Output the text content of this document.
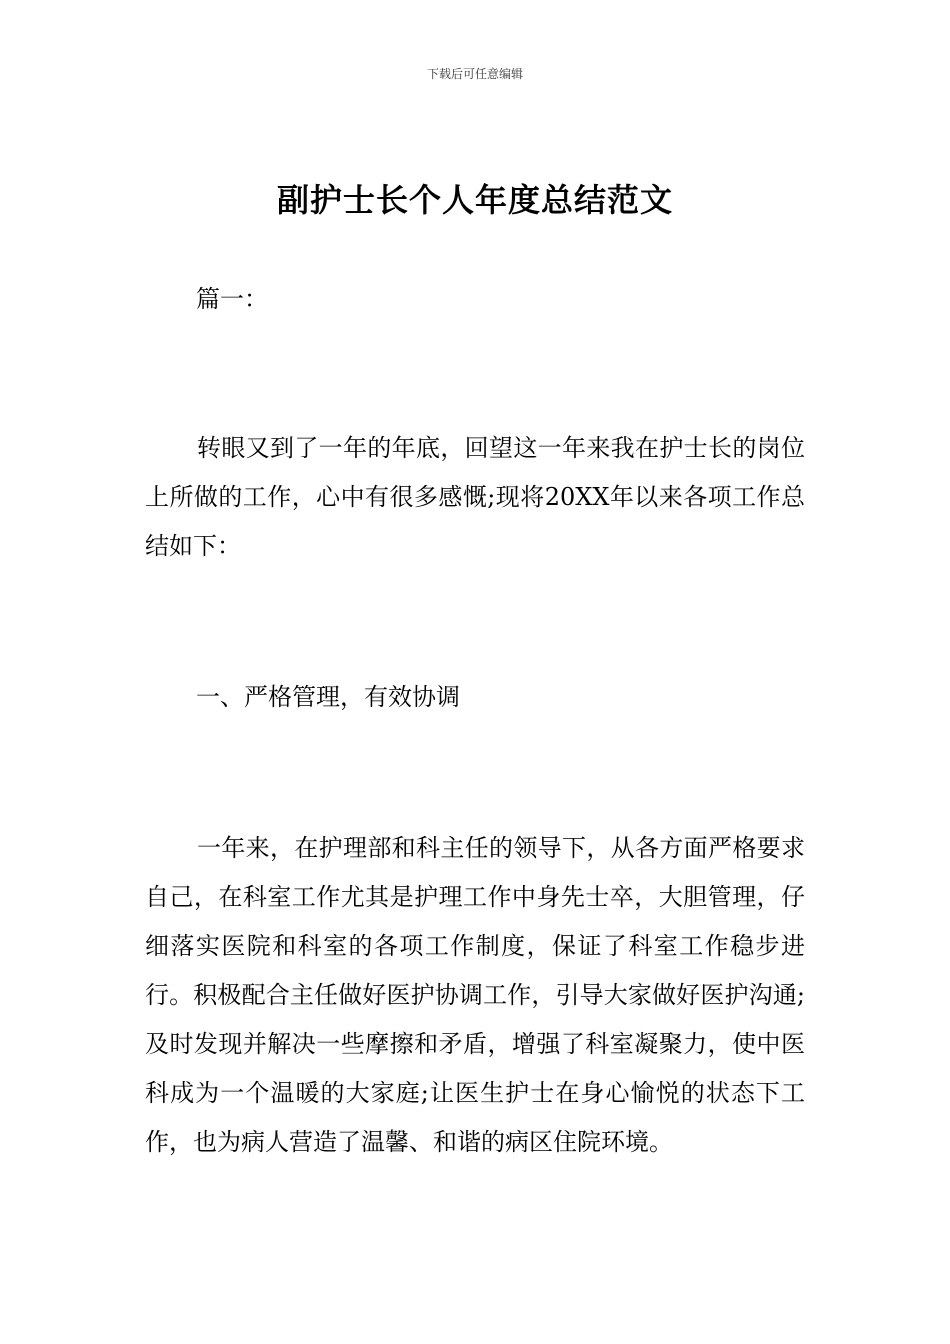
下载后可任意编辑
副护士长个人年度总结范文
篇一：

转眼又到了一年的年底，回望这一年来我在护士长的岗位上所做的工作，心中有很多感慨;现将20XX年以来各项工作总结如下：

一、严格管理，有效协调

一年来，在护理部和科主任的领导下，从各方面严格要求自己，在科室工作尤其是护理工作中身先士卒，大胆管理，仔细落实医院和科室的各项工作制度，保证了科室工作稳步进行。积极配合主任做好医护协调工作，引导大家做好医护沟通;及时发现并解决一些摩擦和矛盾，增强了科室凝聚力，使中医科成为一个温暖的大家庭;让医生护士在身心愉悦的状态下工作，也为病人营造了温馨、和谐的病区住院环境。
